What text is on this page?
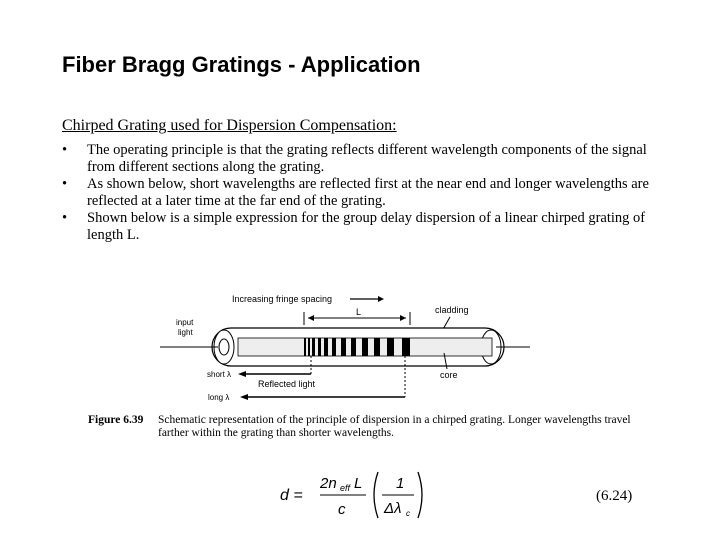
Fiber Bragg Gratings - Application
Chirped Grating used for Dispersion Compensation:
• The operating principle is that the grating reflects different wavelength components of the signal from different sections along the grating.
• As shown below, short wavelengths are reflected first at the near end and longer wavelengths are reflected at a later time at the far end of the grating.
• Shown below is a simple expression for the group delay dispersion of a linear chirped grating of length L.
Increasing fringe spacing
L	cladding
input
light
core
short λ
Reflected light
long λ
Figure 6.39 Schematic representation of the principle of dispersion in a chirped grating. Longer wavelengths travel farther within the grating than shorter wavelengths.
d =
2n eff L
c
1
Δλ c
(6.24)
